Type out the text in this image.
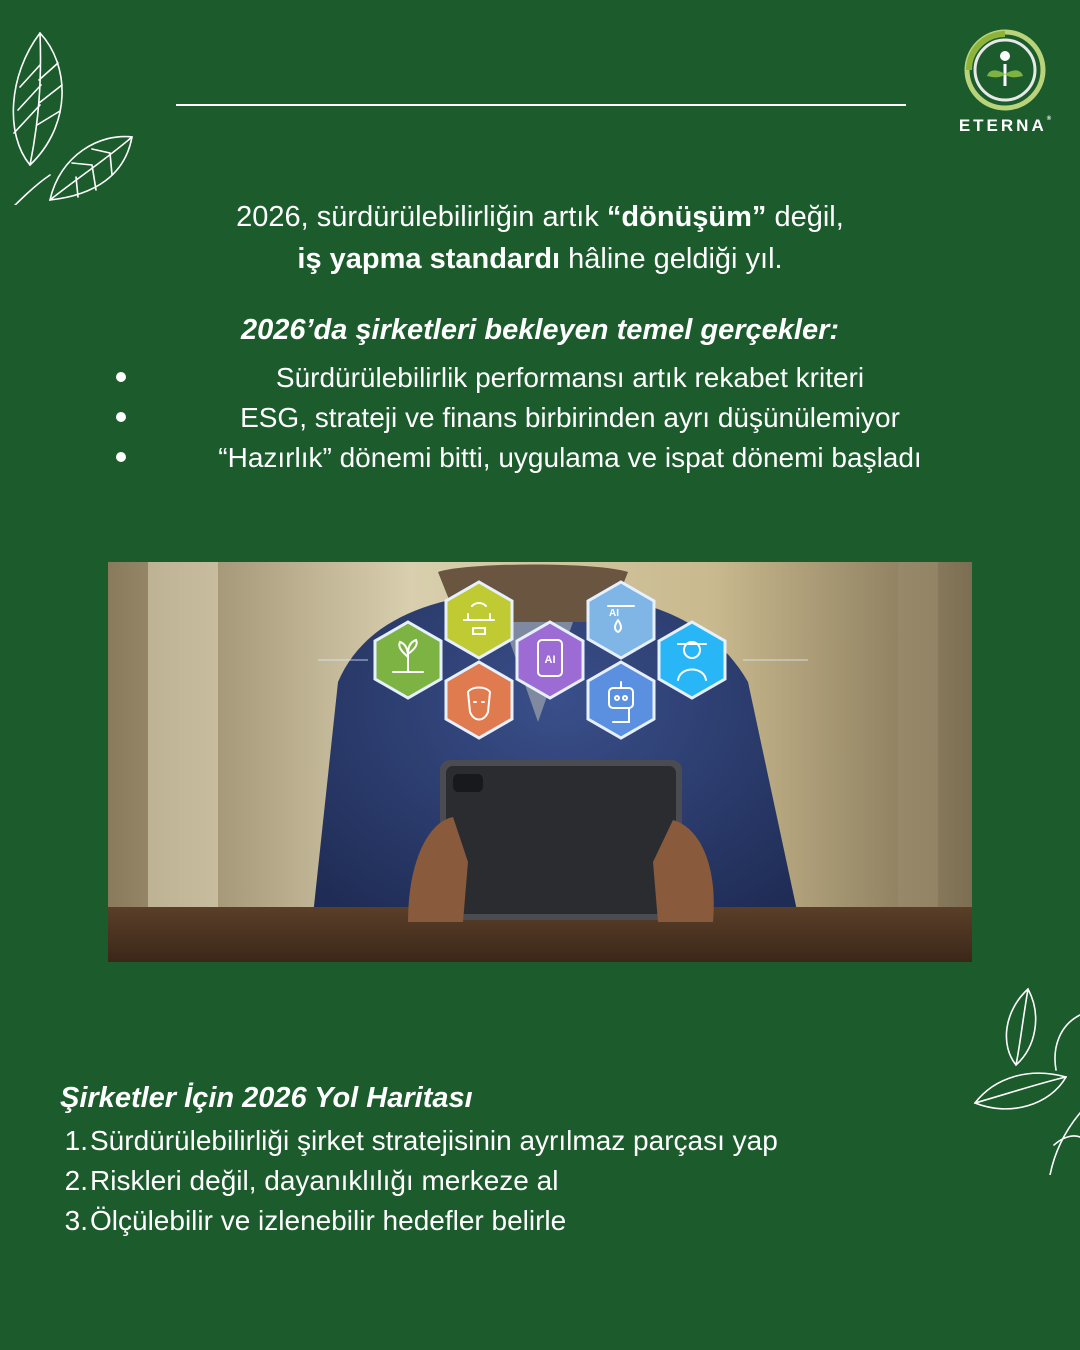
ETERNA®
2026, sürdürülebilirliğin artık “dönüşüm” değil,
iş yapma standardı hâline geldiği yıl.
2026’da şirketleri bekleyen temel gerçekler:
Sürdürülebilirlik performansı artık rekabet kriteri
ESG, strateji ve finans birbirinden ayrı düşünülemiyor
“Hazırlık” dönemi bitti, uygulama ve ispat dönemi başladı
AI
AI
Şirketler İçin 2026 Yol Haritası
1. Sürdürülebilirliği şirket stratejisinin ayrılmaz parçası yap
2. Riskleri değil, dayanıklılığı merkeze al
3. Ölçülebilir ve izlenebilir hedefler belirle
